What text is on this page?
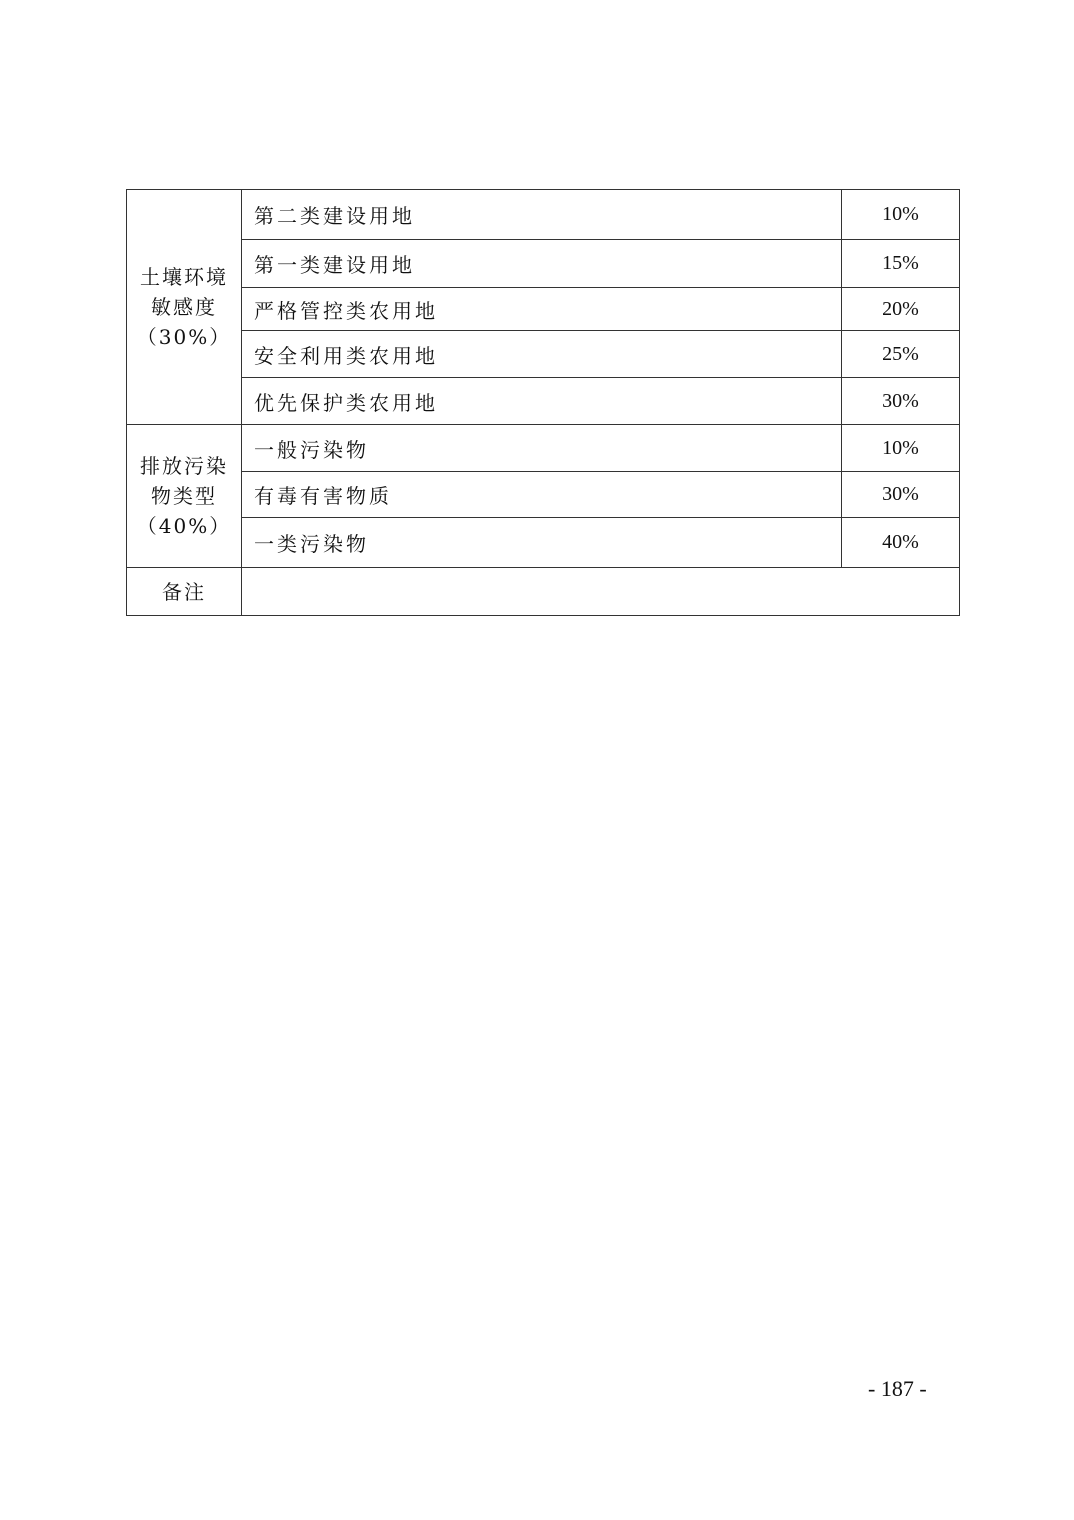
土壤环境
敏感度
（30%）	第二类建设用地	10%
	第一类建设用地	15%
	严格管控类农用地	20%
	安全利用类农用地	25%
	优先保护类农用地	30%

排放污染
物类型
（40%）	一般污染物	10%
	有毒有害物质	30%
	一类污染物	40%
备注		
- 187 -
